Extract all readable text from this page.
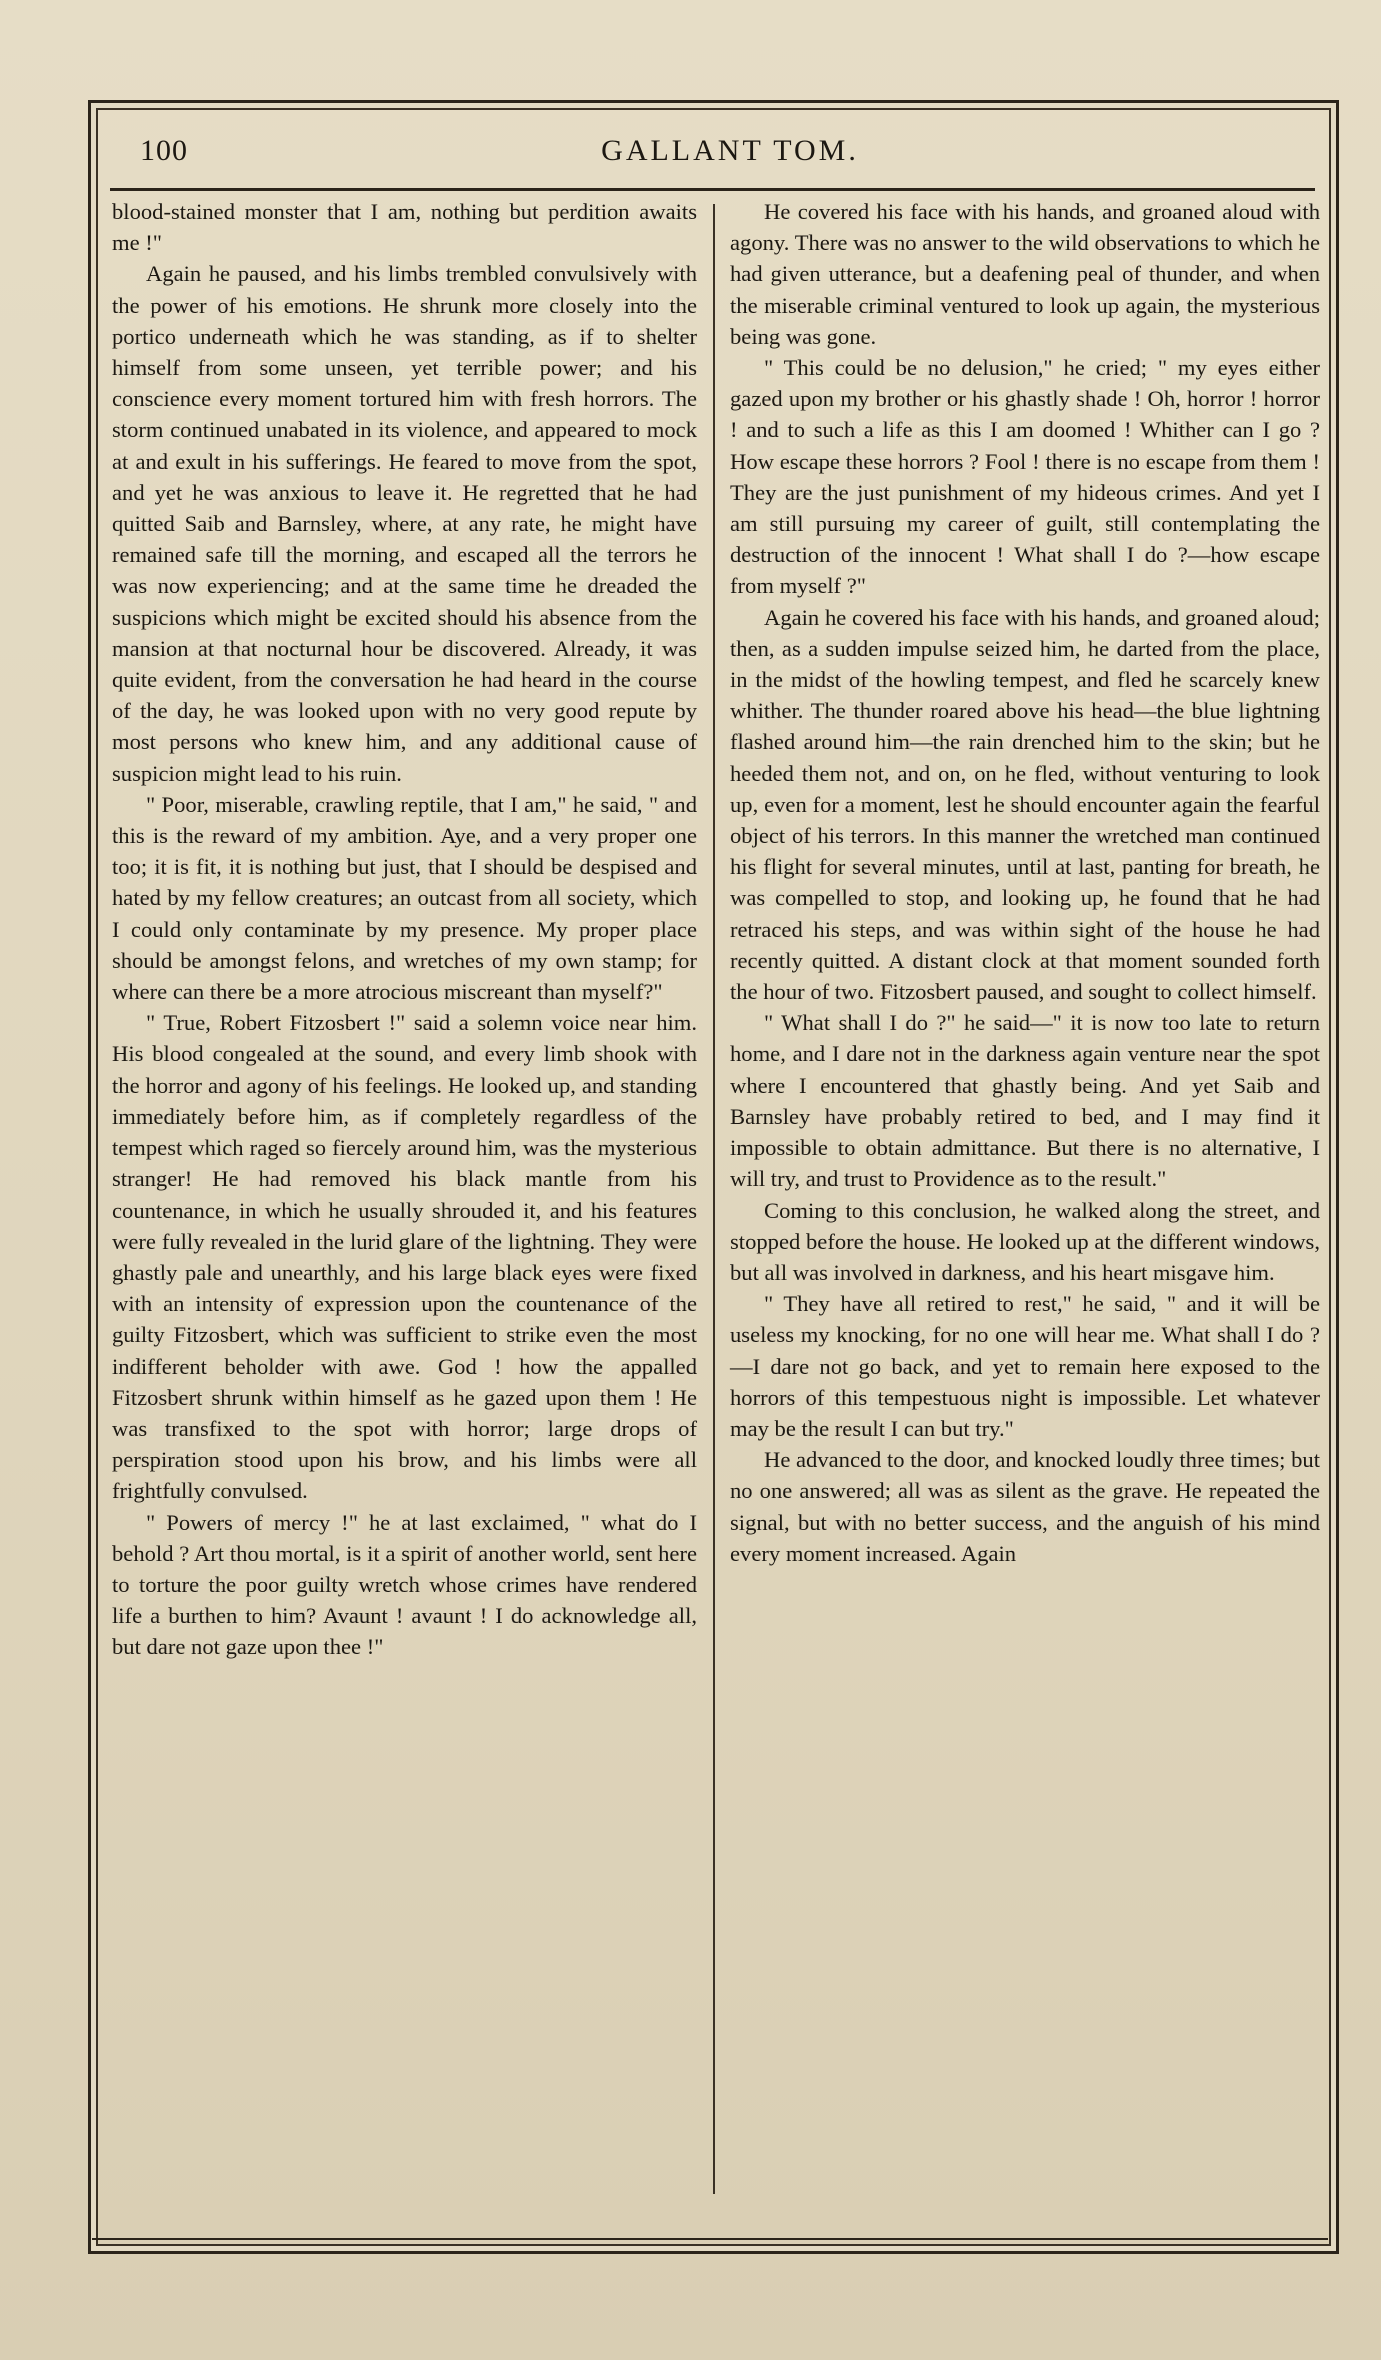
100	GALLANT TOM.

blood-stained monster that I am, nothing but perdition awaits me !"

Again he paused, and his limbs trembled convulsively with the power of his emotions. He shrunk more closely into the portico underneath which he was standing, as if to shelter himself from some unseen, yet terrible power; and his conscience every moment tortured him with fresh horrors. The storm continued unabated in its violence, and appeared to mock at and exult in his sufferings. He feared to move from the spot, and yet he was anxious to leave it. He regretted that he had quitted Saib and Barnsley, where, at any rate, he might have remained safe till the morning, and escaped all the terrors he was now experiencing; and at the same time he dreaded the suspicions which might be excited should his absence from the mansion at that nocturnal hour be discovered. Already, it was quite evident, from the conversation he had heard in the course of the day, he was looked upon with no very good repute by most persons who knew him, and any additional cause of suspicion might lead to his ruin.

" Poor, miserable, crawling reptile, that I am," he said, " and this is the reward of my ambition. Aye, and a very proper one too; it is fit, it is nothing but just, that I should be despised and hated by my fellow creatures; an outcast from all society, which I could only contaminate by my presence. My proper place should be amongst felons, and wretches of my own stamp; for where can there be a more atrocious miscreant than myself?"

" True, Robert Fitzosbert !" said a solemn voice near him. His blood congealed at the sound, and every limb shook with the horror and agony of his feelings. He looked up, and standing immediately before him, as if completely regardless of the tempest which raged so fiercely around him, was the mysterious stranger! He had removed his black mantle from his countenance, in which he usually shrouded it, and his features were fully revealed in the lurid glare of the lightning. They were ghastly pale and unearthly, and his large black eyes were fixed with an intensity of expression upon the countenance of the guilty Fitzosbert, which was sufficient to strike even the most indifferent beholder with awe. God ! how the appalled Fitzosbert shrunk within himself as he gazed upon them ! He was transfixed to the spot with horror; large drops of perspiration stood upon his brow, and his limbs were all frightfully convulsed.

" Powers of mercy !" he at last exclaimed, " what do I behold ? Art thou mortal, is it a spirit of another world, sent here to torture the poor guilty wretch whose crimes have rendered life a burthen to him? Avaunt ! avaunt ! I do acknowledge all, but dare not gaze upon thee !"

He covered his face with his hands, and groaned aloud with agony. There was no answer to the wild observations to which he had given utterance, but a deafening peal of thunder, and when the miserable criminal ventured to look up again, the mysterious being was gone.

" This could be no delusion," he cried; " my eyes either gazed upon my brother or his ghastly shade ! Oh, horror ! horror ! and to such a life as this I am doomed ! Whither can I go ? How escape these horrors ? Fool ! there is no escape from them ! They are the just punishment of my hideous crimes. And yet I am still pursuing my career of guilt, still contemplating the destruction of the innocent ! What shall I do ?—how escape from myself ?"

Again he covered his face with his hands, and groaned aloud; then, as a sudden impulse seized him, he darted from the place, in the midst of the howling tempest, and fled he scarcely knew whither. The thunder roared above his head—the blue lightning flashed around him—the rain drenched him to the skin; but he heeded them not, and on, on he fled, without venturing to look up, even for a moment, lest he should encounter again the fearful object of his terrors. In this manner the wretched man continued his flight for several minutes, until at last, panting for breath, he was compelled to stop, and looking up, he found that he had retraced his steps, and was within sight of the house he had recently quitted. A distant clock at that moment sounded forth the hour of two. Fitzosbert paused, and sought to collect himself.

" What shall I do ?" he said—" it is now too late to return home, and I dare not in the darkness again venture near the spot where I encountered that ghastly being. And yet Saib and Barnsley have probably retired to bed, and I may find it impossible to obtain admittance. But there is no alternative, I will try, and trust to Providence as to the result."

Coming to this conclusion, he walked along the street, and stopped before the house. He looked up at the different windows, but all was involved in darkness, and his heart misgave him.

" They have all retired to rest," he said, " and it will be useless my knocking, for no one will hear me. What shall I do ?—I dare not go back, and yet to remain here exposed to the horrors of this tempestuous night is impossible. Let whatever may be the result I can but try."

He advanced to the door, and knocked loudly three times; but no one answered; all was as silent as the grave. He repeated the signal, but with no better success, and the anguish of his mind every moment increased. Again
